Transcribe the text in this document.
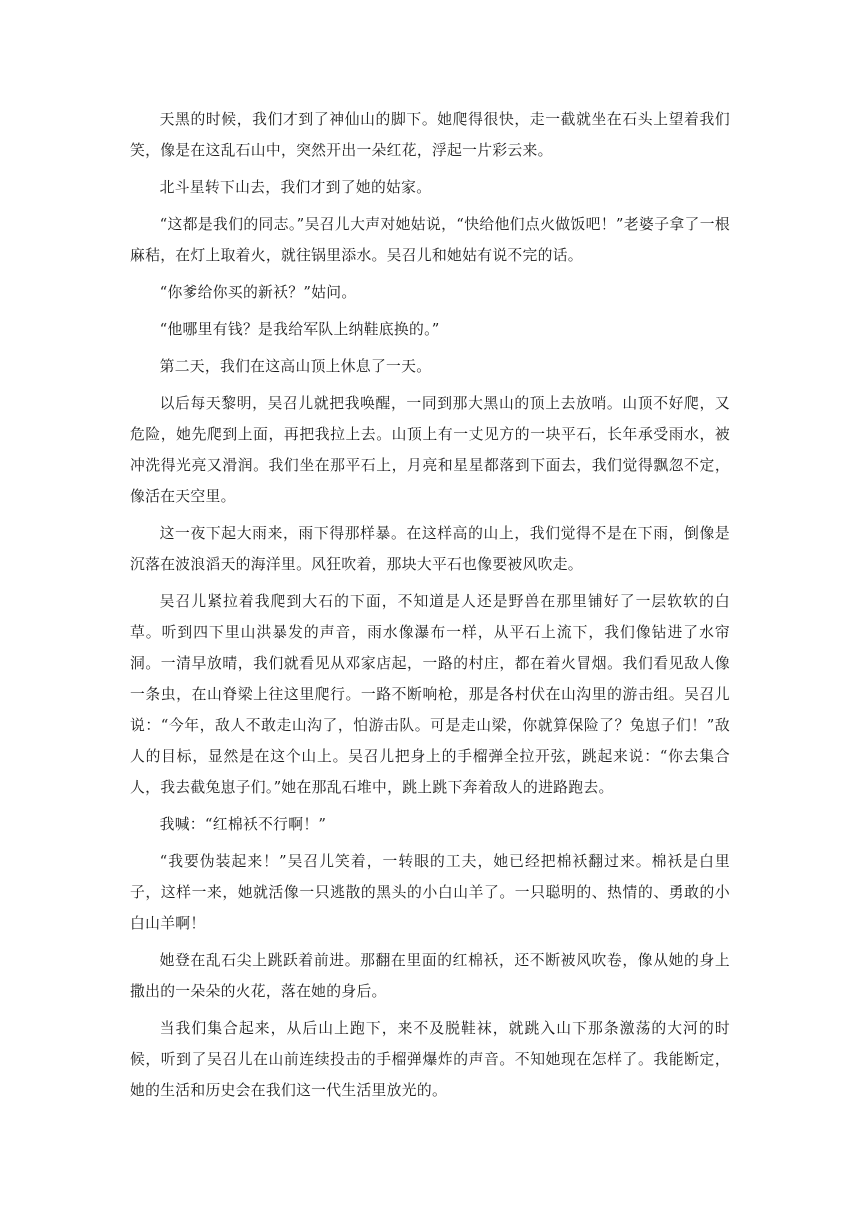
天黑的时候，我们才到了神仙山的脚下。她爬得很快，走一截就坐在石头上望着我们笑，像是在这乱石山中，突然开出一朵红花，浮起一片彩云来。

北斗星转下山去，我们才到了她的姑家。

“这都是我们的同志。”吴召儿大声对她姑说，“快给他们点火做饭吧！”老婆子拿了一根麻秸，在灯上取着火，就往锅里添水。吴召儿和她姑有说不完的话。

“你爹给你买的新袄？”姑问。

“他哪里有钱？是我给军队上纳鞋底换的。”

第二天，我们在这高山顶上休息了一天。

以后每天黎明，吴召儿就把我唤醒，一同到那大黑山的顶上去放哨。山顶不好爬，又危险，她先爬到上面，再把我拉上去。山顶上有一丈见方的一块平石，长年承受雨水，被冲洗得光亮又滑润。我们坐在那平石上，月亮和星星都落到下面去，我们觉得飘忽不定，像活在天空里。

这一夜下起大雨来，雨下得那样暴。在这样高的山上，我们觉得不是在下雨，倒像是沉落在波浪滔天的海洋里。风狂吹着，那块大平石也像要被风吹走。

吴召儿紧拉着我爬到大石的下面，不知道是人还是野兽在那里铺好了一层软软的白草。听到四下里山洪暴发的声音，雨水像瀑布一样，从平石上流下，我们像钻进了水帘洞。一清早放晴，我们就看见从邓家店起，一路的村庄，都在着火冒烟。我们看见敌人像一条虫，在山脊梁上往这里爬行。一路不断响枪，那是各村伏在山沟里的游击组。吴召儿说：“今年，敌人不敢走山沟了，怕游击队。可是走山梁，你就算保险了？兔崽子们！”敌人的目标，显然是在这个山上。吴召儿把身上的手榴弹全拉开弦，跳起来说：“你去集合人，我去截兔崽子们。”她在那乱石堆中，跳上跳下奔着敌人的进路跑去。

我喊：“红棉袄不行啊！”

“我要伪装起来！”吴召儿笑着，一转眼的工夫，她已经把棉袄翻过来。棉袄是白里子，这样一来，她就活像一只逃散的黑头的小白山羊了。一只聪明的、热情的、勇敢的小白山羊啊！

她登在乱石尖上跳跃着前进。那翻在里面的红棉袄，还不断被风吹卷，像从她的身上撒出的一朵朵的火花，落在她的身后。

当我们集合起来，从后山上跑下，来不及脱鞋袜，就跳入山下那条激荡的大河的时候，听到了吴召儿在山前连续投击的手榴弹爆炸的声音。不知她现在怎样了。我能断定，她的生活和历史会在我们这一代生活里放光的。
